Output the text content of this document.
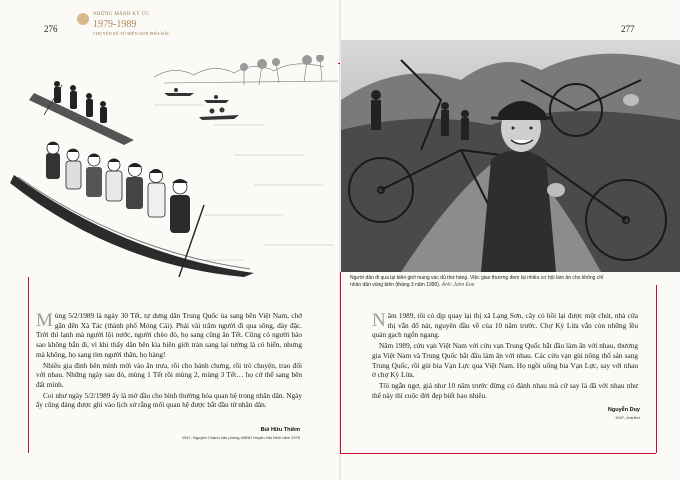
276
NHỮNG MẢNH KÝ ỨC
1979-1989
CHUYỆN KỂ TỪ BIÊN GIỚI PHÍA BẮC	277
Người dân đi qua lại biên giới mang vác đủ thứ hàng. Việc giao thương đem lại nhiều cơ hội làm ăn cho không chỉ nhân dân vùng biên (tháng 3 năm 1990). Ảnh: John Eve

Mùng 5/2/1989 là ngày 30 Tết, tự dưng dân Trung Quốc ùa sang bên Việt Nam, chở gần đến Xà Tác (thành phố Móng Cái). Phải vài trăm người đi qua sông, dày đặc. Trời thì lạnh mà người lội nước, người chèo đò, họ sang cũng ăn Tết. Cũng có người bảo sao không bắn đi, vì khi thấy dân bên kia biên giới tràn sang lại tưởng là có biến, nhưng mà không, họ sang tìm người thân, họ hàng!

Nhiều gia đình bên mình mời vào ăn trưa, rồi cho bánh chưng, rồi trò chuyện, trao đổi với nhau. Những ngày sau đó, mùng 1 Tết rồi mùng 2, mùng 3 Tết… họ cứ thế sang bên đất mình.

Coi như ngày 5/2/1989 ấy là mở đầu cho bình thường hóa quan hệ trong nhân dân. Ngày ấy cũng đáng được ghi vào lịch sử rằng mối quan hệ được bắt đầu từ nhân dân.

Bùi Hữu Thiêm
1947, Nguyên Chánh văn phòng UBND Huyện Hải Ninh năm 1979

Năm 1989, tôi có dịp quay lại thị xã Lạng Sơn, cây cỏ hồi lại được một chút, nhà cửa thị vẫn đổ nát, nguyên đầu về của 10 năm trước. Chợ Kỳ Lừa vẫn còn những lều quán gạch ngổn ngang.

Năm 1989, cửu vạn Việt Nam với cửu vạn Trung Quốc bắt đầu làm ăn với nhau, thương gia Việt Nam và Trung Quốc bắt đầu làm ăn với nhau. Các cửu vạn gùi nông thổ sản sang Trung Quốc, rồi gùi bia Vạn Lực qua Việt Nam. Họ ngồi uống bia Vạn Lực, say với nhau ở chợ Kỳ Lừa.

Tôi ngẫn ngơ, giá như 10 năm trước đừng có đánh nhau mà cứ say là đã với nhau như thế này thì cuộc đời đẹp biết bao nhiêu.

Nguyễn Duy
1947, nhà thơ
